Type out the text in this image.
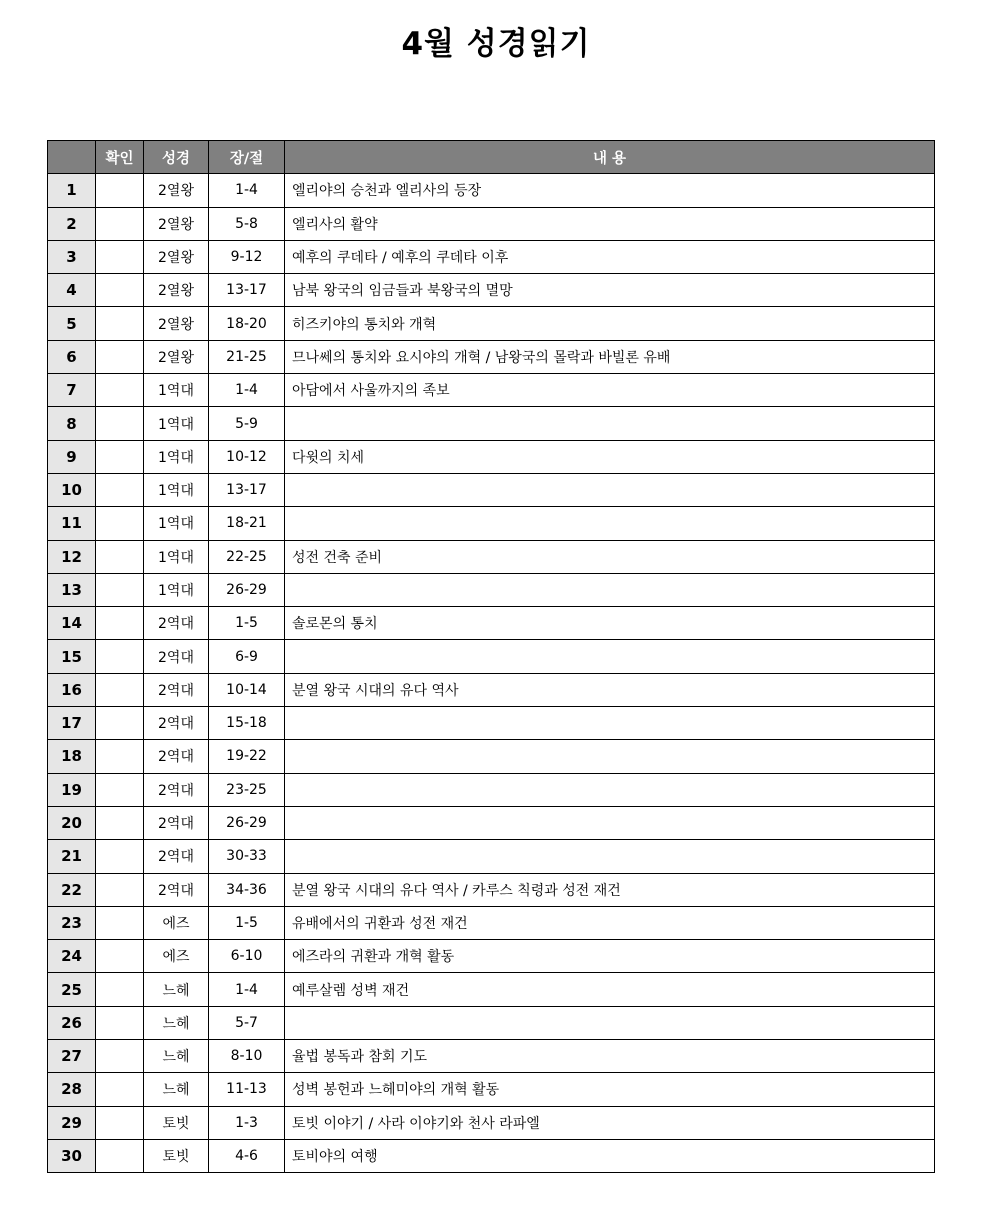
4월 성경읽기
	확인	성경	장/절	내 용
1		2열왕	1-4	엘리야의 승천과 엘리사의 등장
2		2열왕	5-8	엘리사의 활약
3		2열왕	9-12	예후의 쿠데타 / 예후의 쿠데타 이후
4		2열왕	13-17	남북 왕국의 임금들과 북왕국의 멸망
5		2열왕	18-20	히즈키야의 통치와 개혁
6		2열왕	21-25	므나쎄의 통치와 요시야의 개혁 / 남왕국의 몰락과 바빌론 유배
7		1역대	1-4	아담에서 사울까지의 족보
8		1역대	5-9	
9		1역대	10-12	다윗의 치세
10		1역대	13-17	
11		1역대	18-21	
12		1역대	22-25	성전 건축 준비
13		1역대	26-29	
14		2역대	1-5	솔로몬의 통치
15		2역대	6-9	
16		2역대	10-14	분열 왕국 시대의 유다 역사
17		2역대	15-18	
18		2역대	19-22	
19		2역대	23-25	
20		2역대	26-29	
21		2역대	30-33	
22		2역대	34-36	분열 왕국 시대의 유다 역사 / 카루스 칙령과 성전 재건
23		에즈	1-5	유배에서의 귀환과 성전 재건
24		에즈	6-10	에즈라의 귀환과 개혁 활동
25		느헤	1-4	예루살렘 성벽 재건
26		느헤	5-7	
27		느헤	8-10	율법 봉독과 참회 기도
28		느헤	11-13	성벽 봉헌과 느헤미야의 개혁 활동
29		토빗	1-3	토빗 이야기 / 사라 이야기와 천사 라파엘
30		토빗	4-6	토비야의 여행
